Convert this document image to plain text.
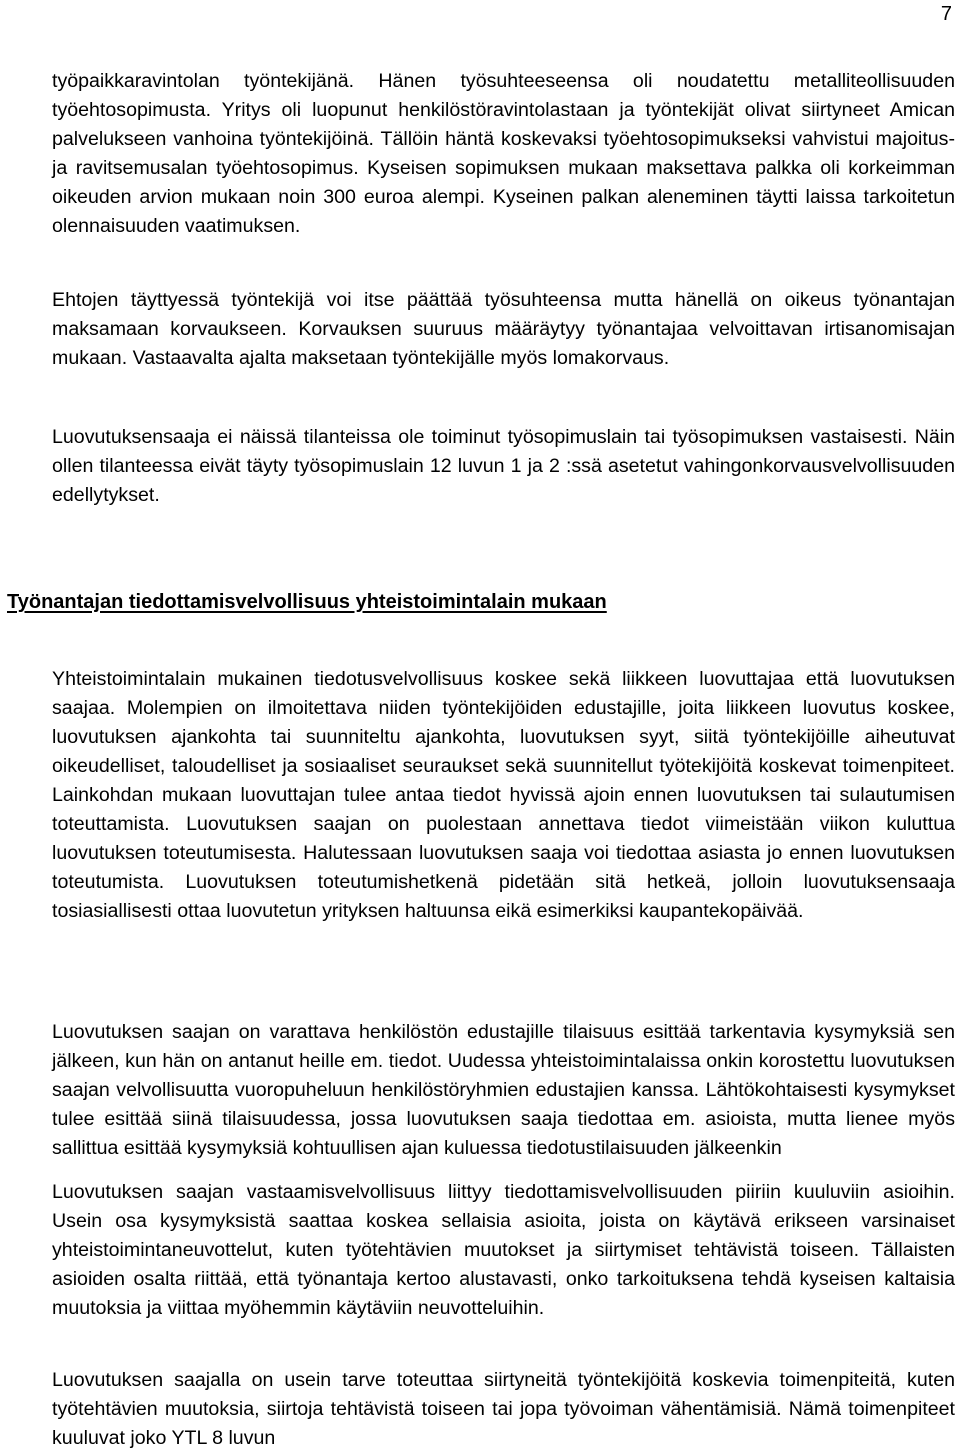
7

työpaikkaravintolan työntekijänä. Hänen työsuhteeseensa oli noudatettu metalliteollisuuden työehtosopimusta. Yritys oli luopunut henkilöstöravintolastaan ja työntekijät olivat siirtyneet Amican palvelukseen vanhoina työntekijöinä. Tällöin häntä koskevaksi työehtosopimukseksi vahvistui majoitus- ja ravitsemusalan työehtosopimus. Kyseisen sopimuksen mukaan maksettava palkka oli korkeimman oikeuden arvion mukaan noin 300 euroa alempi. Kyseinen palkan aleneminen täytti laissa tarkoitetun olennaisuuden vaatimuksen.

Ehtojen täyttyessä työntekijä voi itse päättää työsuhteensa mutta hänellä on oikeus työnantajan maksamaan korvaukseen. Korvauksen suuruus määräytyy työnantajaa velvoittavan irtisanomisajan mukaan. Vastaavalta ajalta maksetaan työntekijälle myös lomakorvaus.

Luovutuksensaaja ei näissä tilanteissa ole toiminut työsopimuslain tai työsopimuksen vastaisesti. Näin ollen tilanteessa eivät täyty työsopimuslain 12 luvun 1 ja 2 :ssä asetetut vahingonkorvausvelvollisuuden edellytykset.

Työnantajan tiedottamisvelvollisuus yhteistoimintalain mukaan

Yhteistoimintalain mukainen tiedotusvelvollisuus koskee sekä liikkeen luovuttajaa että luovutuksen saajaa. Molempien on ilmoitettava niiden työntekijöiden edustajille, joita liikkeen luovutus koskee, luovutuksen ajankohta tai suunniteltu ajankohta, luovutuksen syyt, siitä työntekijöille aiheutuvat oikeudelliset, taloudelliset ja sosiaaliset seuraukset sekä suunnitellut työtekijöitä koskevat toimenpiteet. Lainkohdan mukaan luovuttajan tulee antaa tiedot hyvissä ajoin ennen luovutuksen tai sulautumisen toteuttamista. Luovutuksen saajan on puolestaan annettava tiedot viimeistään viikon kuluttua luovutuksen toteutumisesta. Halutessaan luovutuksen saaja voi tiedottaa asiasta jo ennen luovutuksen toteutumista. Luovutuksen toteutumishetkenä pidetään sitä hetkeä, jolloin luovutuksensaaja tosiasiallisesti ottaa luovutetun yrityksen haltuunsa eikä esimerkiksi kaupantekopäivää.

Luovutuksen saajan on varattava henkilöstön edustajille tilaisuus esittää tarkentavia kysymyksiä sen jälkeen, kun hän on antanut heille em. tiedot. Uudessa yhteistoimintalaissa onkin korostettu luovutuksen saajan velvollisuutta vuoropuheluun henkilöstöryhmien edustajien kanssa. Lähtökohtaisesti kysymykset tulee esittää siinä tilaisuudessa, jossa luovutuksen saaja tiedottaa em. asioista, mutta lienee myös sallittua esittää kysymyksiä kohtuullisen ajan kuluessa tiedotustilaisuuden jälkeenkin

Luovutuksen saajan vastaamisvelvollisuus liittyy tiedottamisvelvollisuuden piiriin kuuluviin asioihin. Usein osa kysymyksistä saattaa koskea sellaisia asioita, joista on käytävä erikseen varsinaiset yhteistoimintaneuvottelut, kuten työtehtävien muutokset ja siirtymiset tehtävistä toiseen. Tällaisten asioiden osalta riittää, että työnantaja kertoo alustavasti, onko tarkoituksena tehdä kyseisen kaltaisia muutoksia ja viittaa myöhemmin käytäviin neuvotteluihin.

Luovutuksen saajalla on usein tarve toteuttaa siirtyneitä työntekijöitä koskevia toimenpiteitä, kuten työtehtävien muutoksia, siirtoja tehtävistä toiseen tai jopa työvoiman vähentämisiä. Nämä toimenpiteet kuuluvat joko YTL 8 luvun
